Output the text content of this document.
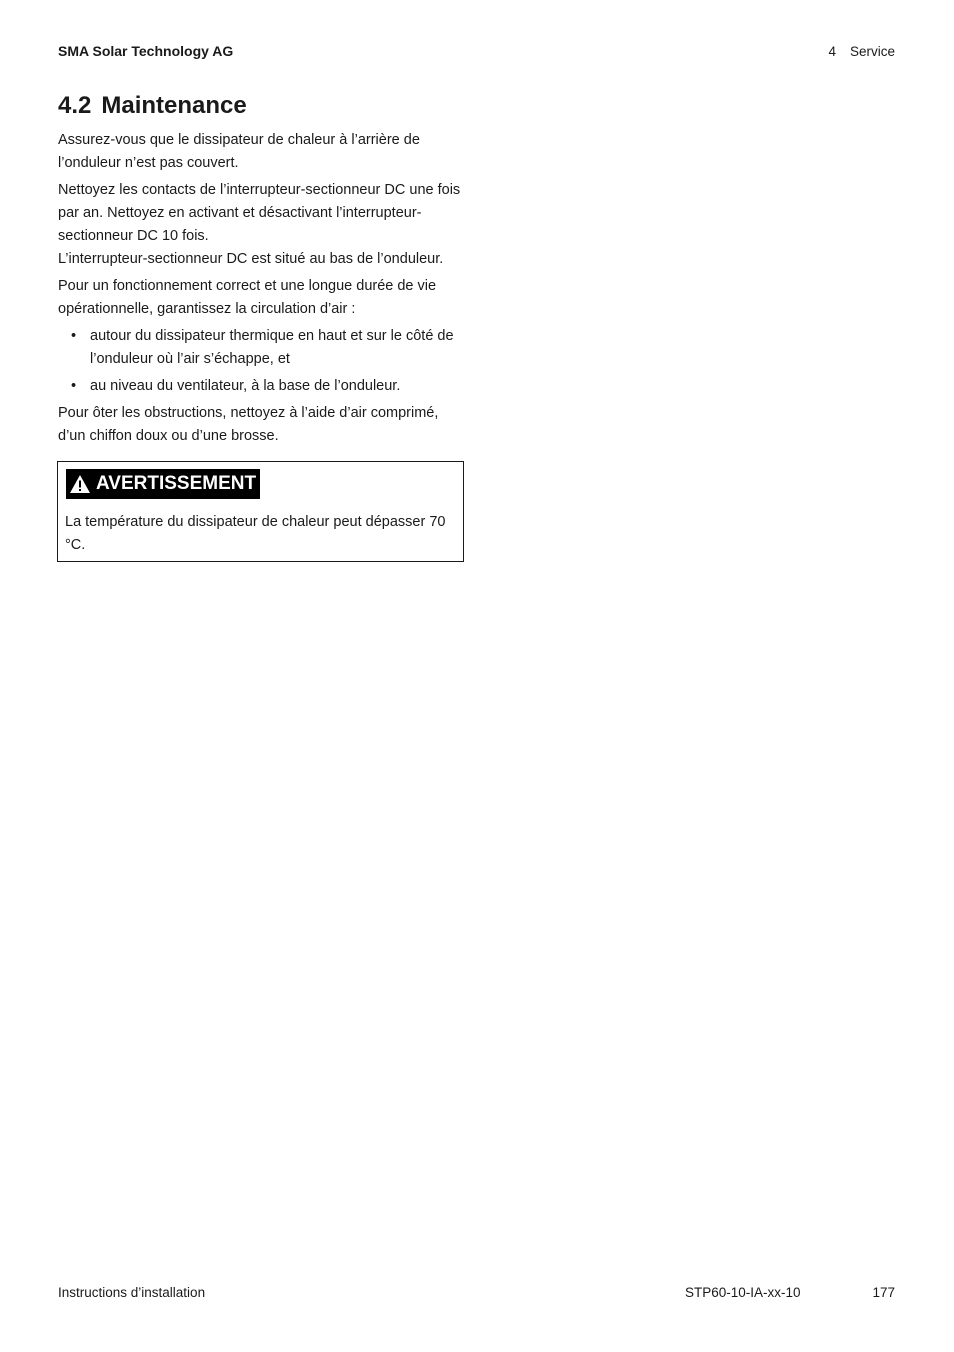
SMA Solar Technology AG	4 Service
4.2 Maintenance

Assurez-vous que le dissipateur de chaleur à l’arrière de l’onduleur n’est pas couvert.

Nettoyez les contacts de l’interrupteur-sectionneur DC une fois par an. Nettoyez en activant et désactivant l’interrupteur-sectionneur DC 10 fois.
L’interrupteur-sectionneur DC est situé au bas de l’onduleur.

Pour un fonctionnement correct et une longue durée de vie opérationnelle, garantissez la circulation d’air :

• autour du dissipateur thermique en haut et sur le côté de l’onduleur où l’air s’échappe, et
• au niveau du ventilateur, à la base de l’onduleur.

Pour ôter les obstructions, nettoyez à l’aide d’air comprimé, d’un chiffon doux ou d’une brosse.

AVERTISSEMENT
La température du dissipateur de chaleur peut dépasser 70 °C.
Instructions d’installation	STP60-10-IA-xx-10	177
